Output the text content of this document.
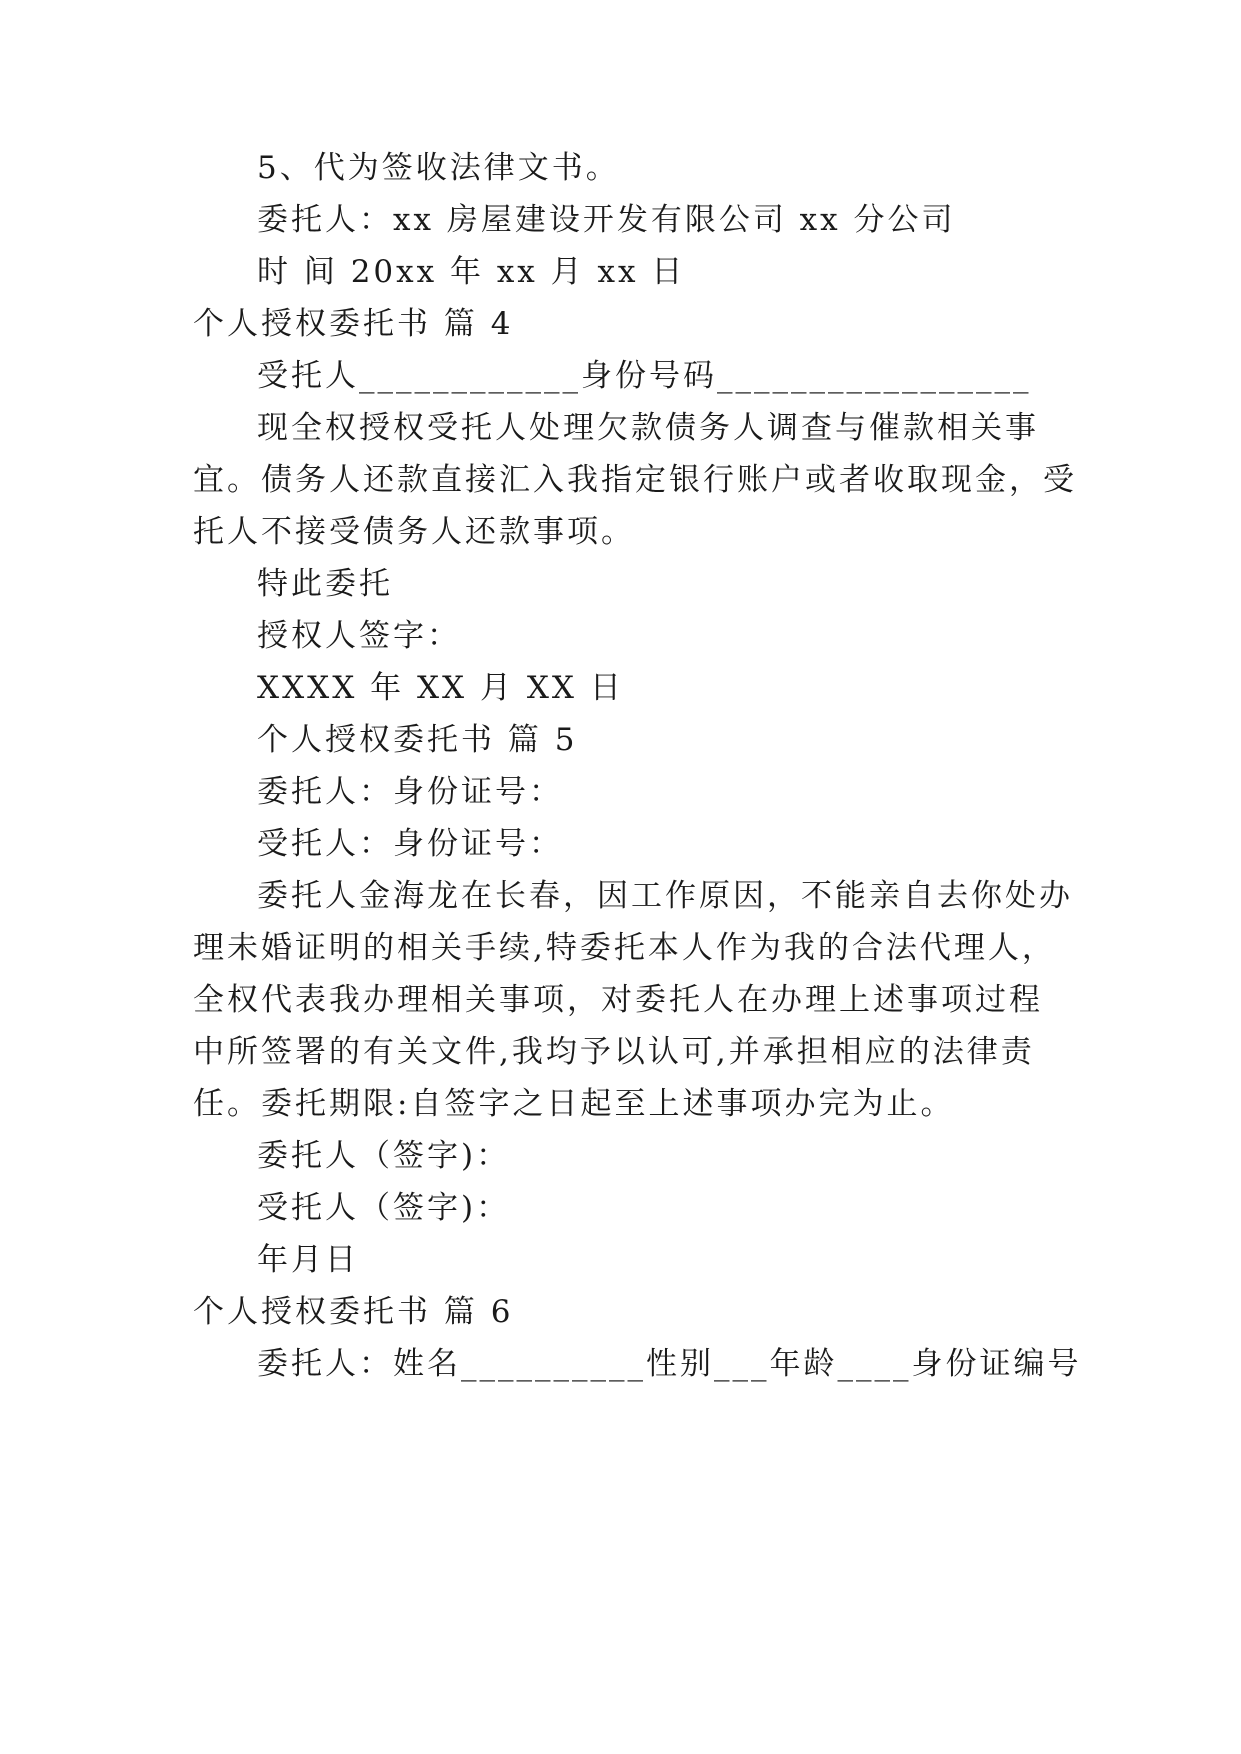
5、代为签收法律文书。
委托人：xx 房屋建设开发有限公司 xx 分公司
时 间 20xx 年 xx 月 xx 日
个人授权委托书 篇 4
受托人____________身份号码_________________
现全权授权受托人处理欠款债务人调查与催款相关事
宜。债务人还款直接汇入我指定银行账户或者收取现金，受
托人不接受债务人还款事项。
特此委托
授权人签字：
XXXX 年 XX 月 XX 日
个人授权委托书 篇 5
委托人：身份证号：
受托人：身份证号：
委托人金海龙在长春，因工作原因，不能亲自去你处办
理未婚证明的相关手续,特委托本人作为我的合法代理人，
全权代表我办理相关事项，对委托人在办理上述事项过程
中所签署的有关文件,我均予以认可,并承担相应的法律责
任。委托期限:自签字之日起至上述事项办完为止。
委托人（签字)：
受托人（签字)：
年月日
个人授权委托书 篇 6
委托人：姓名__________性别___年龄____身份证编号
